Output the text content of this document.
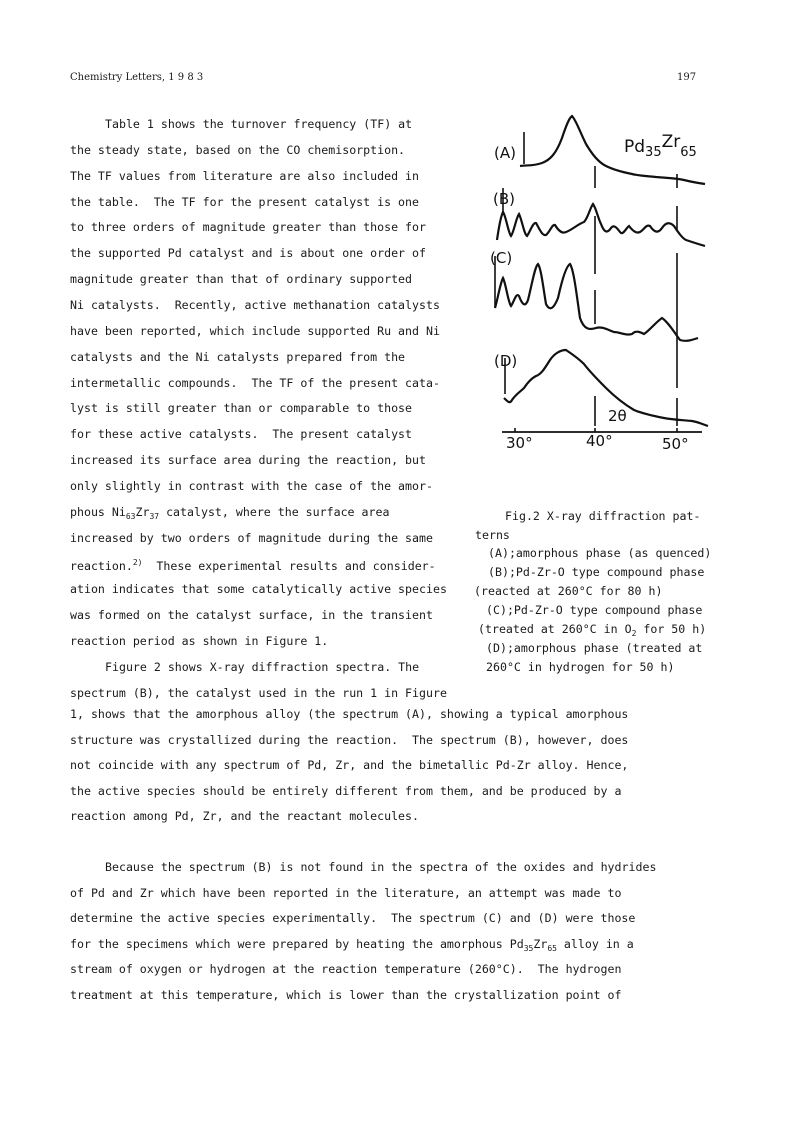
Chemistry Letters, 1 9 8 3	197
Table 1 shows the turnover frequency (TF) at
the steady state, based on the CO chemisorption.
The TF values from literature are also included in
the table.  The TF for the present catalyst is one
to three orders of magnitude greater than those for
the supported Pd catalyst and is about one order of
magnitude greater than that of ordinary supported
Ni catalysts.  Recently, active methanation catalysts
have been reported, which include supported Ru and Ni
catalysts and the Ni catalysts prepared from the
intermetallic compounds.  The TF of the present cata-
lyst is still greater than or comparable to those
for these active catalysts.  The present catalyst
increased its surface area during the reaction, but
only slightly in contrast with the case of the amor-
phous $Ni_{63}Zr_{37}$ catalyst, where the surface area
increased by two orders of magnitude during the same
reaction.$^{2)}$  These experimental results and consider-
ation indicates that some catalytically active species
was formed on the catalyst surface, in the transient
reaction period as shown in Figure 1.
Figure 2 shows X-ray diffraction spectra. The
spectrum (B), the catalyst used in the run 1 in Figure
1, shows that the amorphous alloy (the spectrum (A), showing a typical amorphous
structure was crystallized during the reaction.  The spectrum (B), however, does
not coincide with any spectrum of Pd, Zr, and the bimetallic Pd-Zr alloy. Hence,
the active species should be entirely different from them, and be produced by a
reaction among Pd, Zr, and the reactant molecules.
Because the spectrum (B) is not found in the spectra of the oxides and hydrides
of Pd and Zr which have been reported in the literature, an attempt was made to
determine the active species experimentally.  The spectrum (C) and (D) were those
for the specimens which were prepared by heating the amorphous $Pd_{35}Zr_{65}$ alloy in a
stream of oxygen or hydrogen at the reaction temperature (260°C).  The hydrogen
treatment at this temperature, which is lower than the crystallization point of
(A)
(B)
(C)
(D)
$Pd_{35}Zr_{65}$
2θ
30°	40°	50°
Fig.2 X-ray diffraction pat-
terns
(A);amorphous phase (as quenced)
(B);Pd-Zr-O type compound phase
(reacted at 260°C for 80 h)
(C);Pd-Zr-O type compound phase
(treated at 260°C in $O_2$ for 50 h)
(D);amorphous phase (treated at
260°C in hydrogen for 50 h)
